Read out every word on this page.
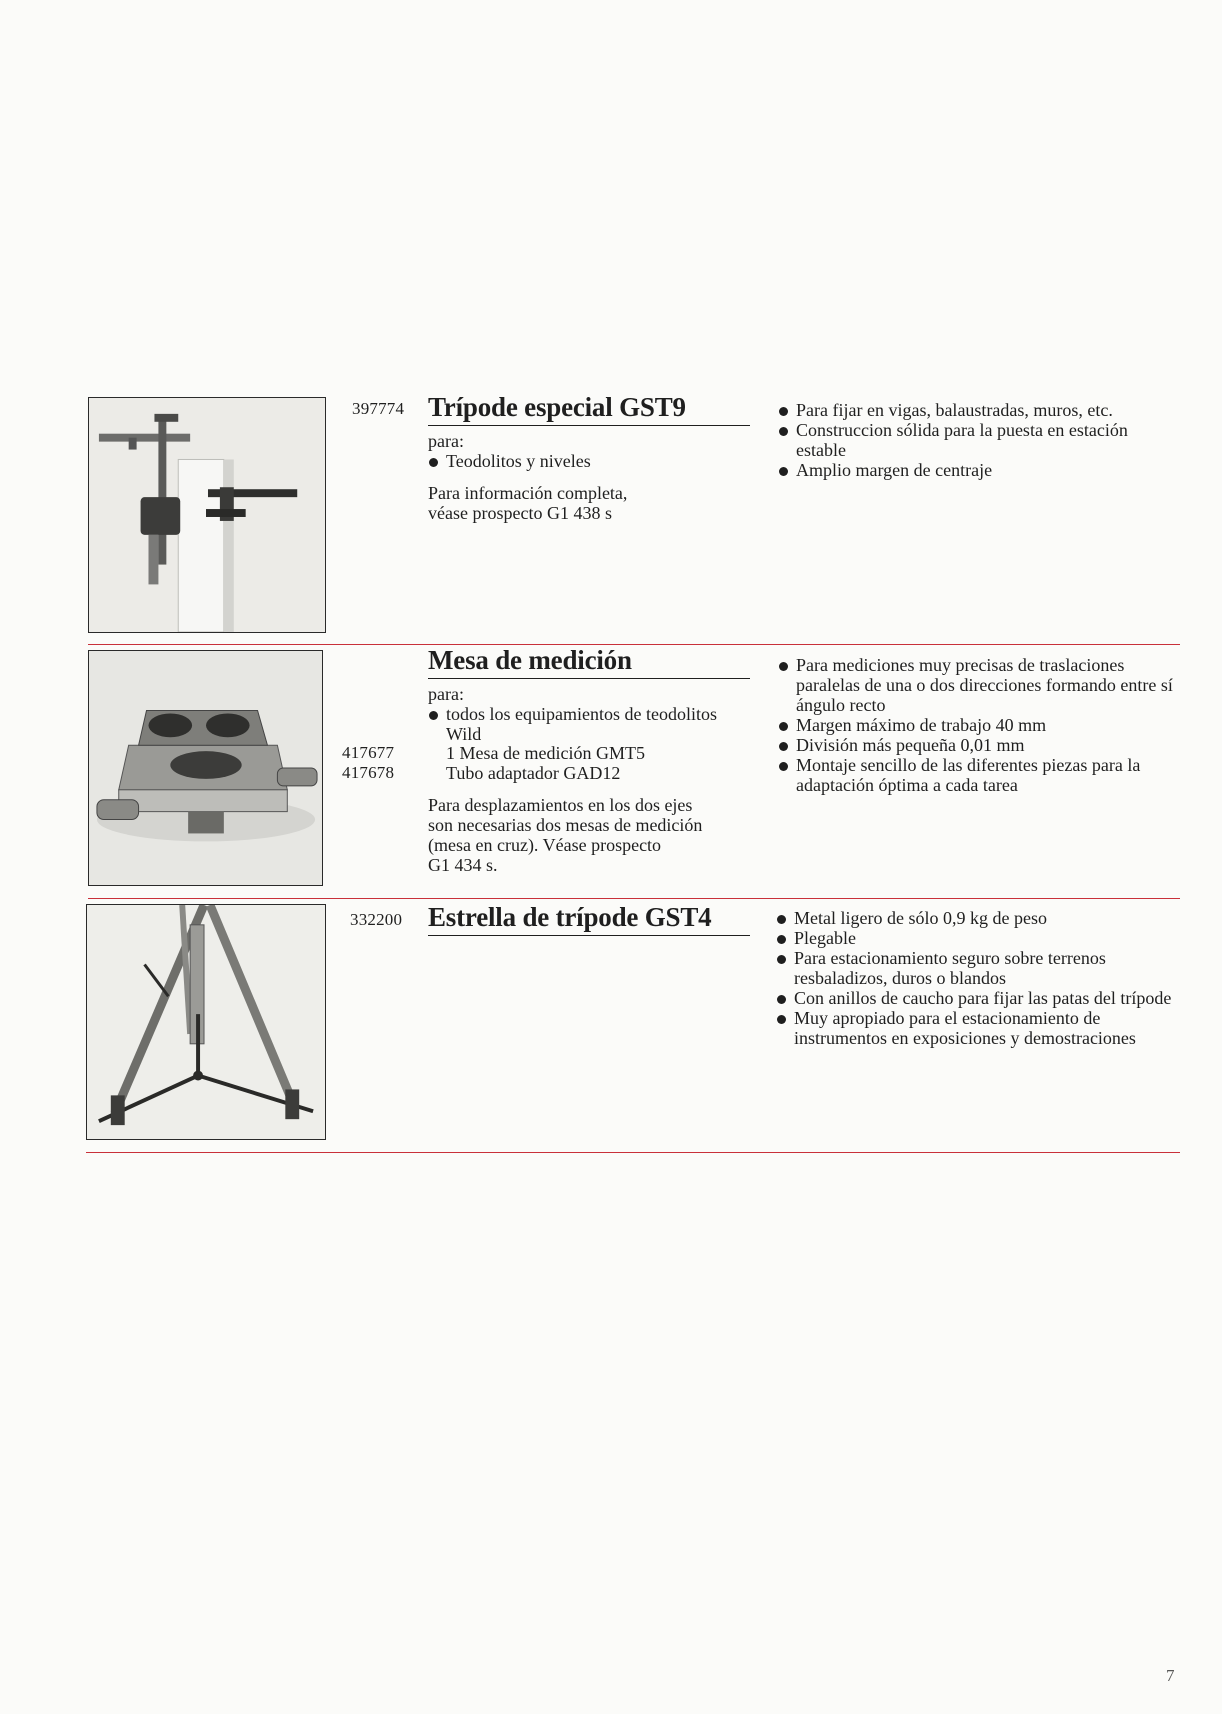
397774 Trípode especial GST9

para:

Teodolitos y niveles

Para información completa,

véase prospecto G1 438 s

Para fijar en vigas, balaustradas, muros, etc.

Construccion sólida para la puesta en estación estable

Amplio margen de centraje

Mesa de medición

para:

todos los equipamientos de teodolitos

Wild

417677	1 Mesa de medición GMT5
417678	Tubo adaptador GAD12

Para desplazamientos en los dos ejes

son necesarias dos mesas de medición

(mesa en cruz). Véase prospecto

G1 434 s.

Para mediciones muy precisas de traslaciones paralelas de una o dos direcciones formando entre sí ángulo recto

Margen máximo de trabajo 40 mm

División más pequeña 0,01 mm

Montaje sencillo de las diferentes piezas para la adaptación óptima a cada tarea

332200 Estrella de trípode GST4	Metal ligero de sólo 0,9 kg de peso

Plegable

Para estacionamiento seguro sobre terrenos resbaladizos, duros o blandos

Con anillos de caucho para fijar las patas del trípode

Muy apropiado para el estacionamiento de instrumentos en exposiciones y demostraciones

7
